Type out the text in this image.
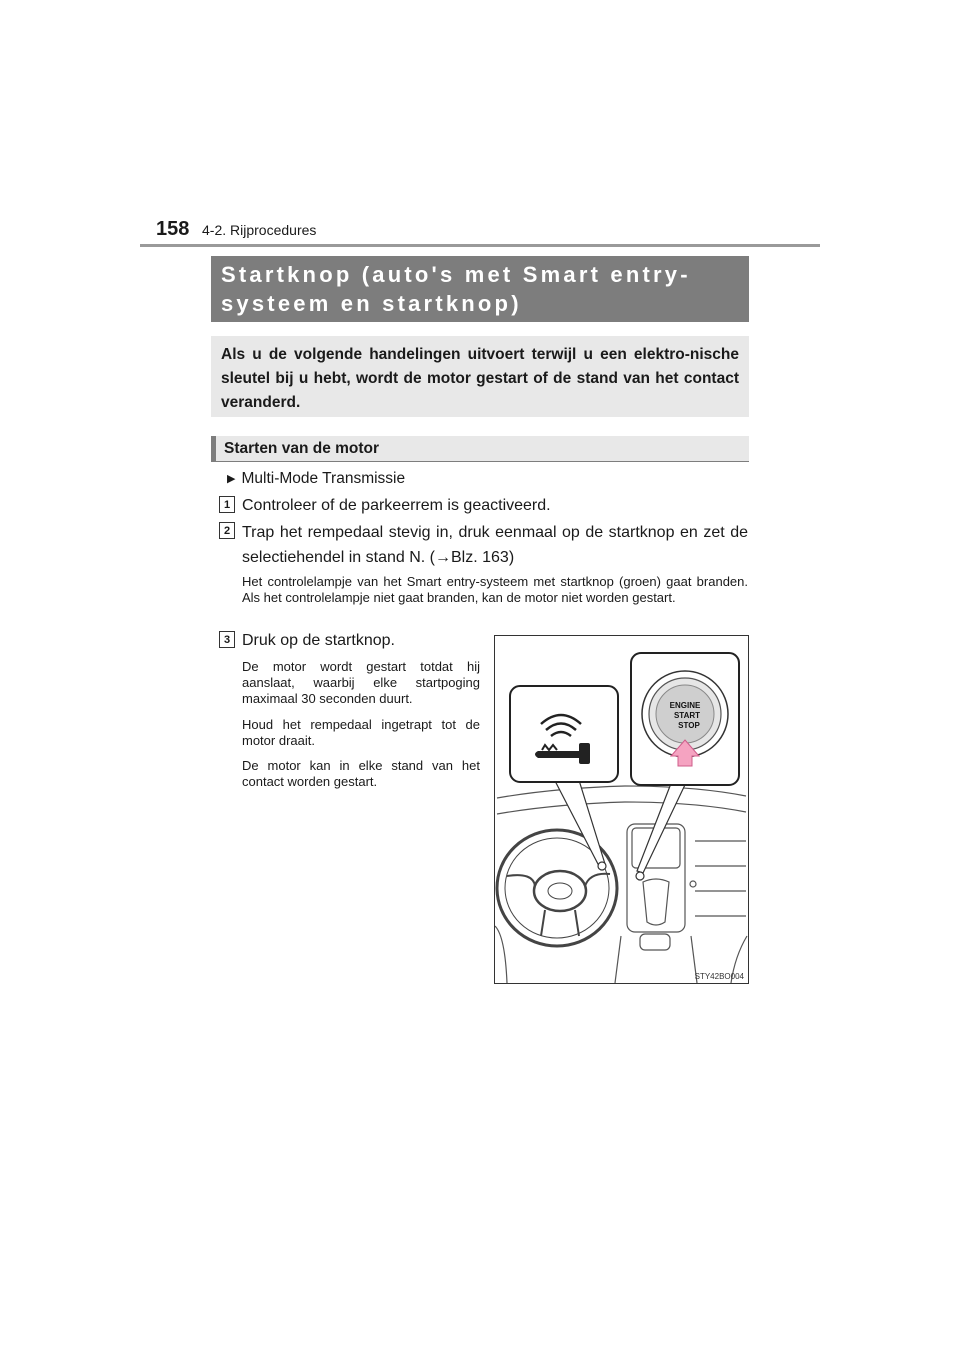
158 4-2. Rijprocedures
Startknop (auto's met Smart entry-systeem en startknop)
Als u de volgende handelingen uitvoert terwijl u een elektro-nische sleutel bij u hebt, wordt de motor gestart of de stand van het contact veranderd.
Starten van de motor
▶ Multi-Mode Transmissie
1 Controleer of de parkeerrem is geactiveerd.
2 Trap het rempedaal stevig in, druk eenmaal op de startknop en zet de selectiehendel in stand N. (→Blz. 163)
Het controlelampje van het Smart entry-systeem met startknop (groen) gaat branden. Als het controlelampje niet gaat branden, kan de motor niet worden gestart.
3 Druk op de startknop.
De motor wordt gestart totdat hij aanslaat, waarbij elke startpoging maximaal 30 seconden duurt.
Houd het rempedaal ingetrapt tot de motor draait.
De motor kan in elke stand van het contact worden gestart.
ENGINE
START
STOP
STY42BO004
